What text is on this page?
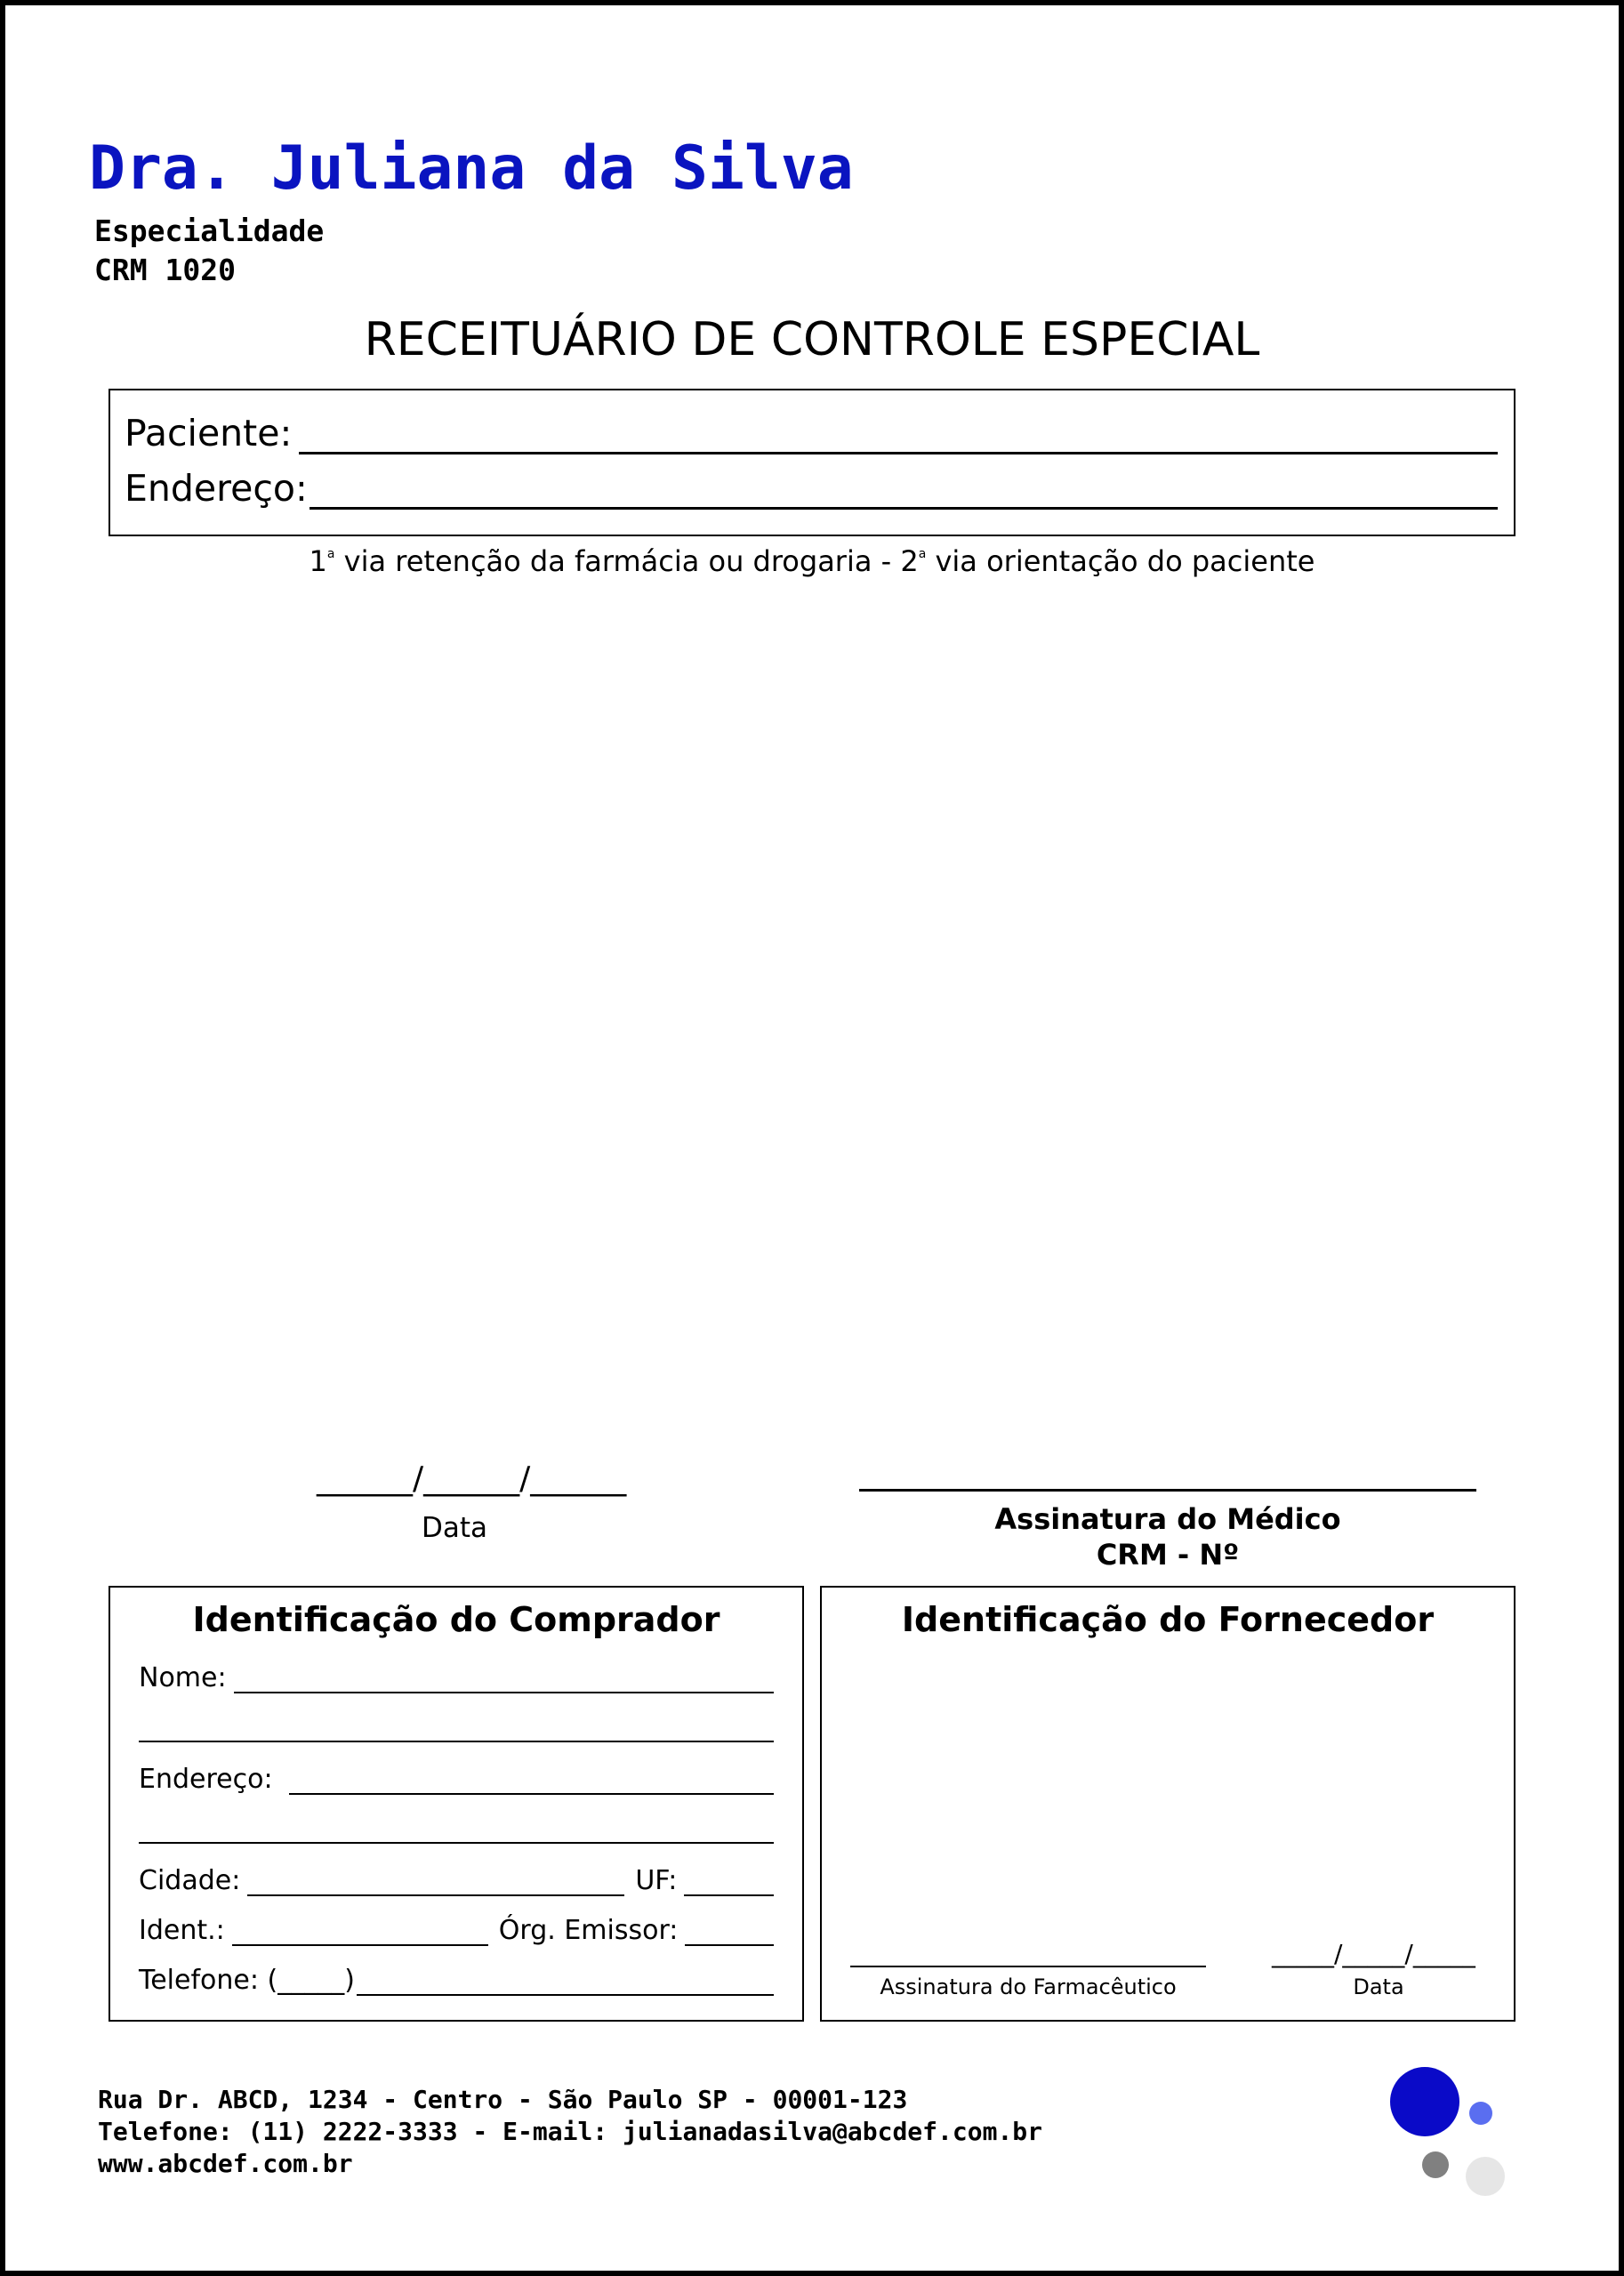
Dra. Juliana da Silva
Especialidade
CRM 1020
RECEITUÁRIO DE CONTROLE ESPECIAL
Paciente:
Endereço:
1$^a$ via retenção da farmácia ou drogaria - 2$^a$ via orientação do paciente
______/______/______
Data	Assinatura do Médico
CRM - Nº
Identificação do Comprador
Nome:
Endereço:
Cidade:	UF:
Ident.:	Órg. Emissor:
Telefone: (_____)
Identificação do Fornecedor
Assinatura do Farmacêutico
_____/_____/_____
Data
Rua Dr. ABCD, 1234 - Centro - São Paulo SP - 00001-123
Telefone: (11) 2222-3333 - E-mail: julianadasilva@abcdef.com.br
www.abcdef.com.br
